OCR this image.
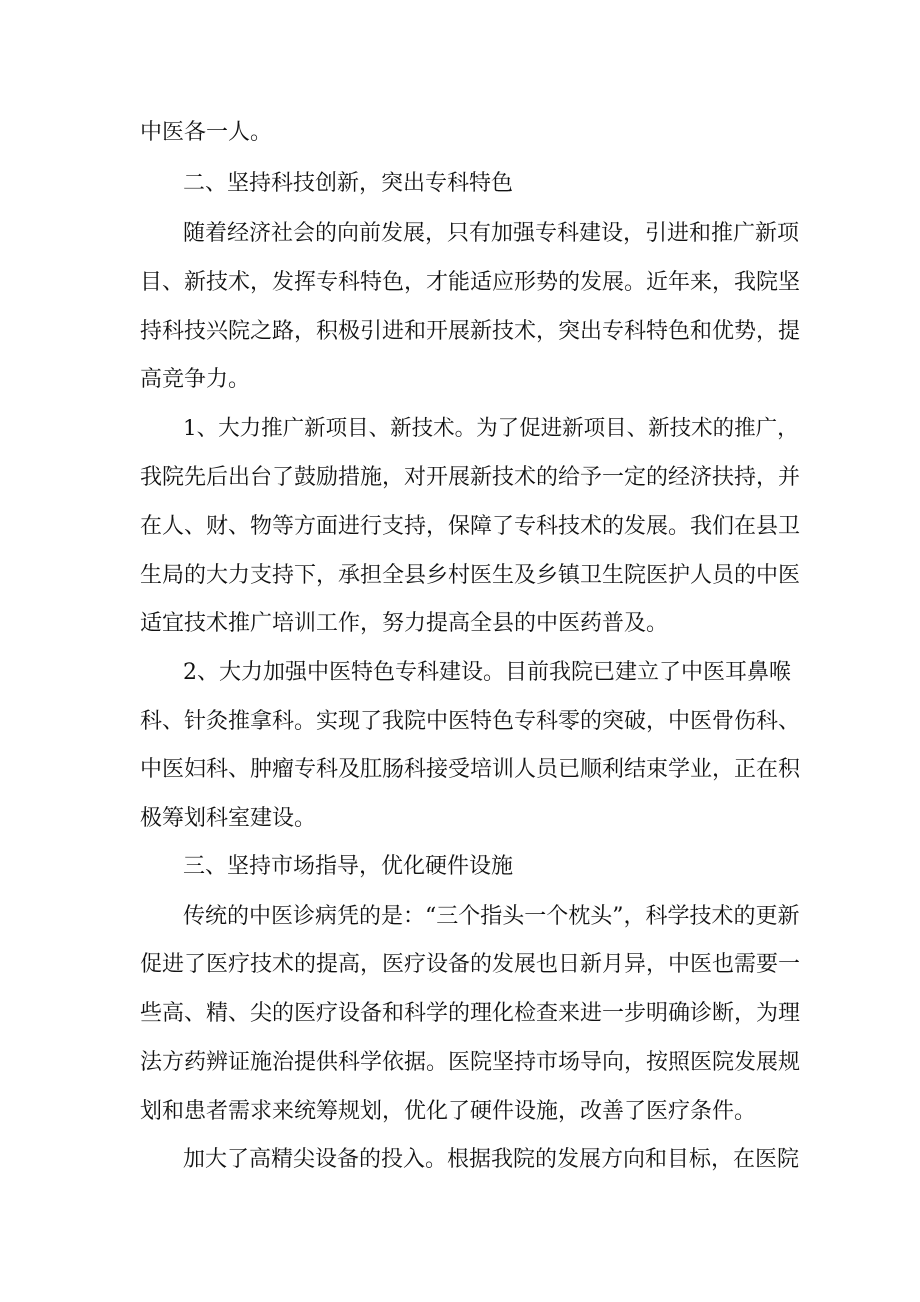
中医各一人。
二、坚持科技创新，突出专科特色
随着经济社会的向前发展，只有加强专科建设，引进和推广新项
目、新技术，发挥专科特色，才能适应形势的发展。近年来，我院坚
持科技兴院之路，积极引进和开展新技术，突出专科特色和优势，提
高竞争力。
1、大力推广新项目、新技术。为了促进新项目、新技术的推广，
我院先后出台了鼓励措施，对开展新技术的给予一定的经济扶持，并
在人、财、物等方面进行支持，保障了专科技术的发展。我们在县卫
生局的大力支持下，承担全县乡村医生及乡镇卫生院医护人员的中医
适宜技术推广培训工作，努力提高全县的中医药普及。
2、大力加强中医特色专科建设。目前我院已建立了中医耳鼻喉
科、针灸推拿科。实现了我院中医特色专科零的突破，中医骨伤科、
中医妇科、肿瘤专科及肛肠科接受培训人员已顺利结束学业，正在积
极筹划科室建设。
三、坚持市场指导，优化硬件设施
传统的中医诊病凭的是：“三个指头一个枕头”，科学技术的更新
促进了医疗技术的提高，医疗设备的发展也日新月异，中医也需要一
些高、精、尖的医疗设备和科学的理化检查来进一步明确诊断，为理
法方药辨证施治提供科学依据。医院坚持市场导向，按照医院发展规
划和患者需求来统筹规划，优化了硬件设施，改善了医疗条件。
加大了高精尖设备的投入。根据我院的发展方向和目标，在医院
